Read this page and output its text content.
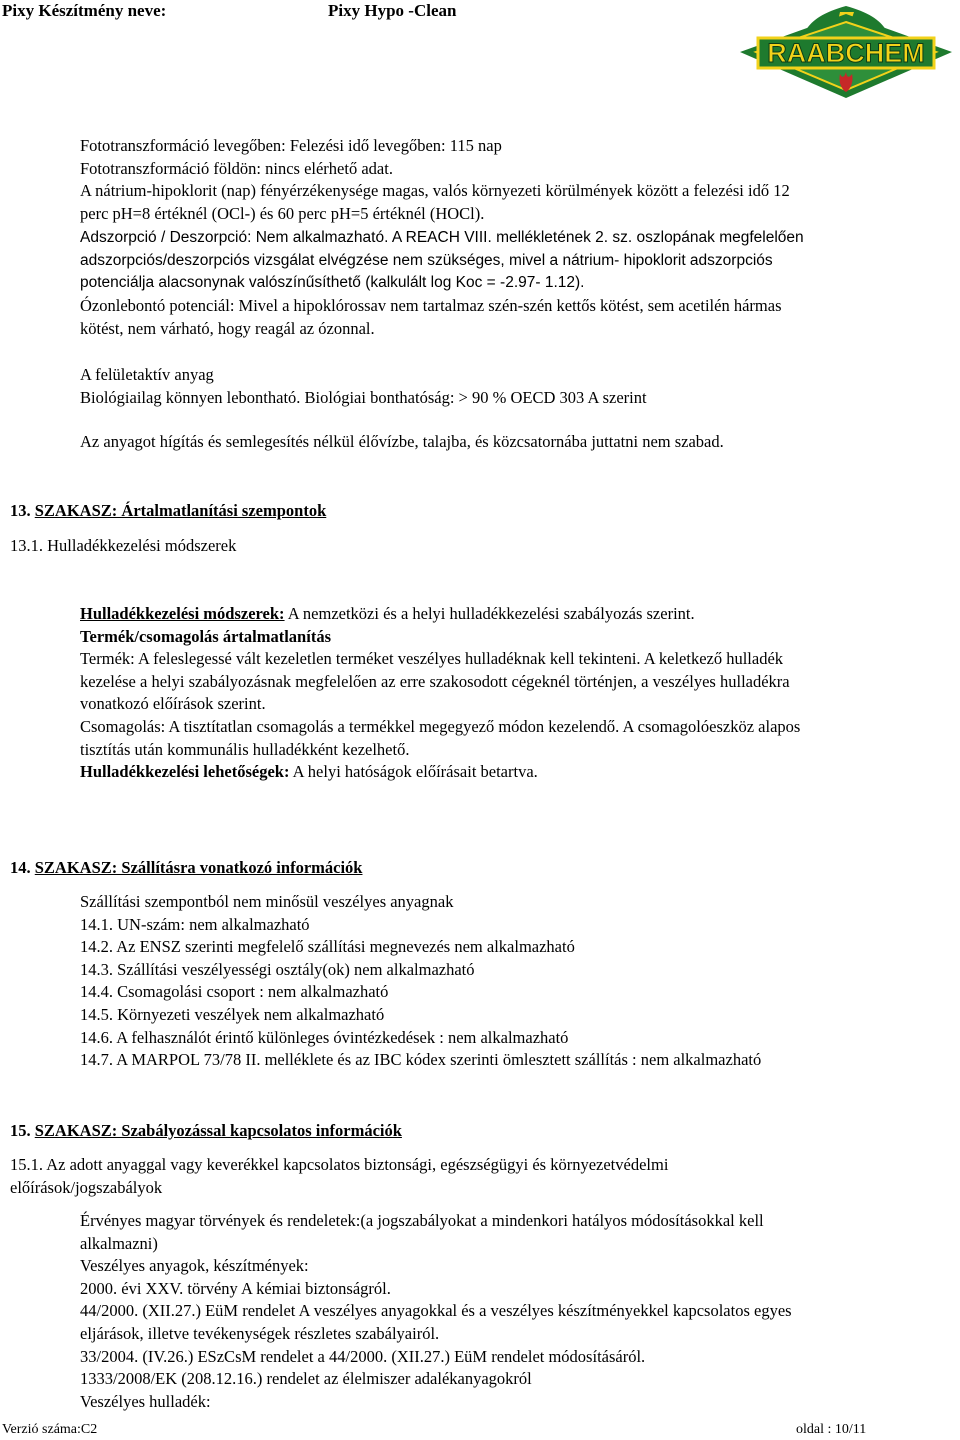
Pixy Készítmény neve:	Pixy Hypo -Clean
RAABCHEM
Fototranszformáció levegőben: Felezési idő levegőben: 115 nap
Fototranszformáció földön: nincs elérhető adat.
A nátrium-hipoklorit (nap) fényérzékenysége magas, valós környezeti körülmények között a felezési idő 12
perc pH=8 értéknél (OCl-) és 60 perc pH=5 értéknél (HOCl).
Adszorpció / Deszorpció: Nem alkalmazható. A REACH VIII. mellékletének 2. sz. oszlopának megfelelően
adszorpciós/deszorpciós vizsgálat elvégzése nem szükséges, mivel a nátrium- hipoklorit adszorpciós
potenciálja alacsonynak valószínűsíthető (kalkulált log Koc = -2.97- 1.12).
Ózonlebontó potenciál: Mivel a hipoklórossav nem tartalmaz szén-szén kettős kötést, sem acetilén hármas
kötést, nem várható, hogy reagál az ózonnal.
A felületaktív anyag
Biológiailag könnyen lebontható. Biológiai bonthatóság: > 90 % OECD 303 A szerint
Az anyagot hígítás és semlegesítés nélkül élővízbe, talajba, és közcsatornába juttatni nem szabad.
13. SZAKASZ: Ártalmatlanítási szempontok
13.1. Hulladékkezelési módszerek
Hulladékkezelési módszerek: A nemzetközi és a helyi hulladékkezelési szabályozás szerint.
Termék/csomagolás ártalmatlanítás
Termék: A feleslegessé vált kezeletlen terméket veszélyes hulladéknak kell tekinteni. A keletkező hulladék
kezelése a helyi szabályozásnak megfelelően az erre szakosodott cégeknél történjen, a veszélyes hulladékra
vonatkozó előírások szerint.
Csomagolás: A tisztítatlan csomagolás a termékkel megegyező módon kezelendő. A csomagolóeszköz alapos
tisztítás után kommunális hulladékként kezelhető.
Hulladékkezelési lehetőségek: A helyi hatóságok előírásait betartva.
14. SZAKASZ: Szállításra vonatkozó információk
Szállítási szempontból nem minősül veszélyes anyagnak
14.1. UN-szám: nem alkalmazható
14.2. Az ENSZ szerinti megfelelő szállítási megnevezés nem alkalmazható
14.3. Szállítási veszélyességi osztály(ok) nem alkalmazható
14.4. Csomagolási csoport : nem alkalmazható
14.5. Környezeti veszélyek nem alkalmazható
14.6. A felhasználót érintő különleges óvintézkedések : nem alkalmazható
14.7. A MARPOL 73/78 II. melléklete és az IBC kódex szerinti ömlesztett szállítás : nem alkalmazható
15. SZAKASZ: Szabályozással kapcsolatos információk
15.1. Az adott anyaggal vagy keverékkel kapcsolatos biztonsági, egészségügyi és környezetvédelmi
előírások/jogszabályok
Érvényes magyar törvények és rendeletek:(a jogszabályokat a mindenkori hatályos módosításokkal kell
alkalmazni)
Veszélyes anyagok, készítmények:
2000. évi XXV. törvény A kémiai biztonságról.
44/2000. (XII.27.) EüM rendelet A veszélyes anyagokkal és a veszélyes készítményekkel kapcsolatos egyes
eljárások, illetve tevékenységek részletes szabályairól.
33/2004. (IV.26.) ESzCsM rendelet a 44/2000. (XII.27.) EüM rendelet módosításáról.
1333/2008/EK (208.12.16.) rendelet az élelmiszer adalékanyagokról
Veszélyes hulladék:
Verzió száma:C2	oldal : 10/11
